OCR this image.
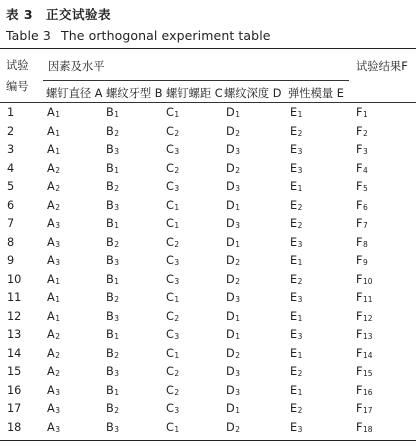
表 3　正交试验表
Table 3 The orthogonal experiment table
试验
编号
因素及水平	试验结果F
螺钉直径 A 螺纹牙型 B 螺钉螺距 C 螺纹深度 D 弹性模量 E
1	$A_1$	$B_1$	$C_1$	$D_1$	$E_1$	$F_1$
2	$A_1$	$B_2$	$C_2$	$D_2$	$E_2$	$F_2$
3	$A_1$	$B_3$	$C_3$	$D_3$	$E_3$	$F_3$
4	$A_2$	$B_1$	$C_2$	$D_2$	$E_3$	$F_4$
5	$A_2$	$B_2$	$C_3$	$D_3$	$E_1$	$F_5$
6	$A_2$	$B_3$	$C_1$	$D_1$	$E_2$	$F_6$
7	$A_3$	$B_1$	$C_1$	$D_3$	$E_2$	$F_7$
8	$A_3$	$B_2$	$C_2$	$D_1$	$E_3$	$F_8$
9	$A_3$	$B_3$	$C_3$	$D_2$	$E_1$	$F_9$
10 $A_1$	$B_1$	$C_3$	$D_2$	$E_2$	$F_{10}$
11 $A_1$	$B_2$	$C_1$	$D_3$	$E_3$	$F_{11}$
12 $A_1$	$B_3$	$C_2$	$D_1$	$E_1$	$F_{12}$
13 $A_2$	$B_1$	$C_3$	$D_1$	$E_3$	$F_{13}$
14 $A_2$	$B_2$	$C_1$	$D_2$	$E_1$	$F_{14}$
15 $A_2$	$B_3$	$C_2$	$D_3$	$E_2$	$F_{15}$
16 $A_3$	$B_1$	$C_2$	$D_3$	$E_1$	$F_{16}$
17 $A_3$	$B_2$	$C_3$	$D_1$	$E_2$	$F_{17}$
18 $A_3$	$B_3$	$C_1$	$D_2$	$E_3$	$F_{18}$
